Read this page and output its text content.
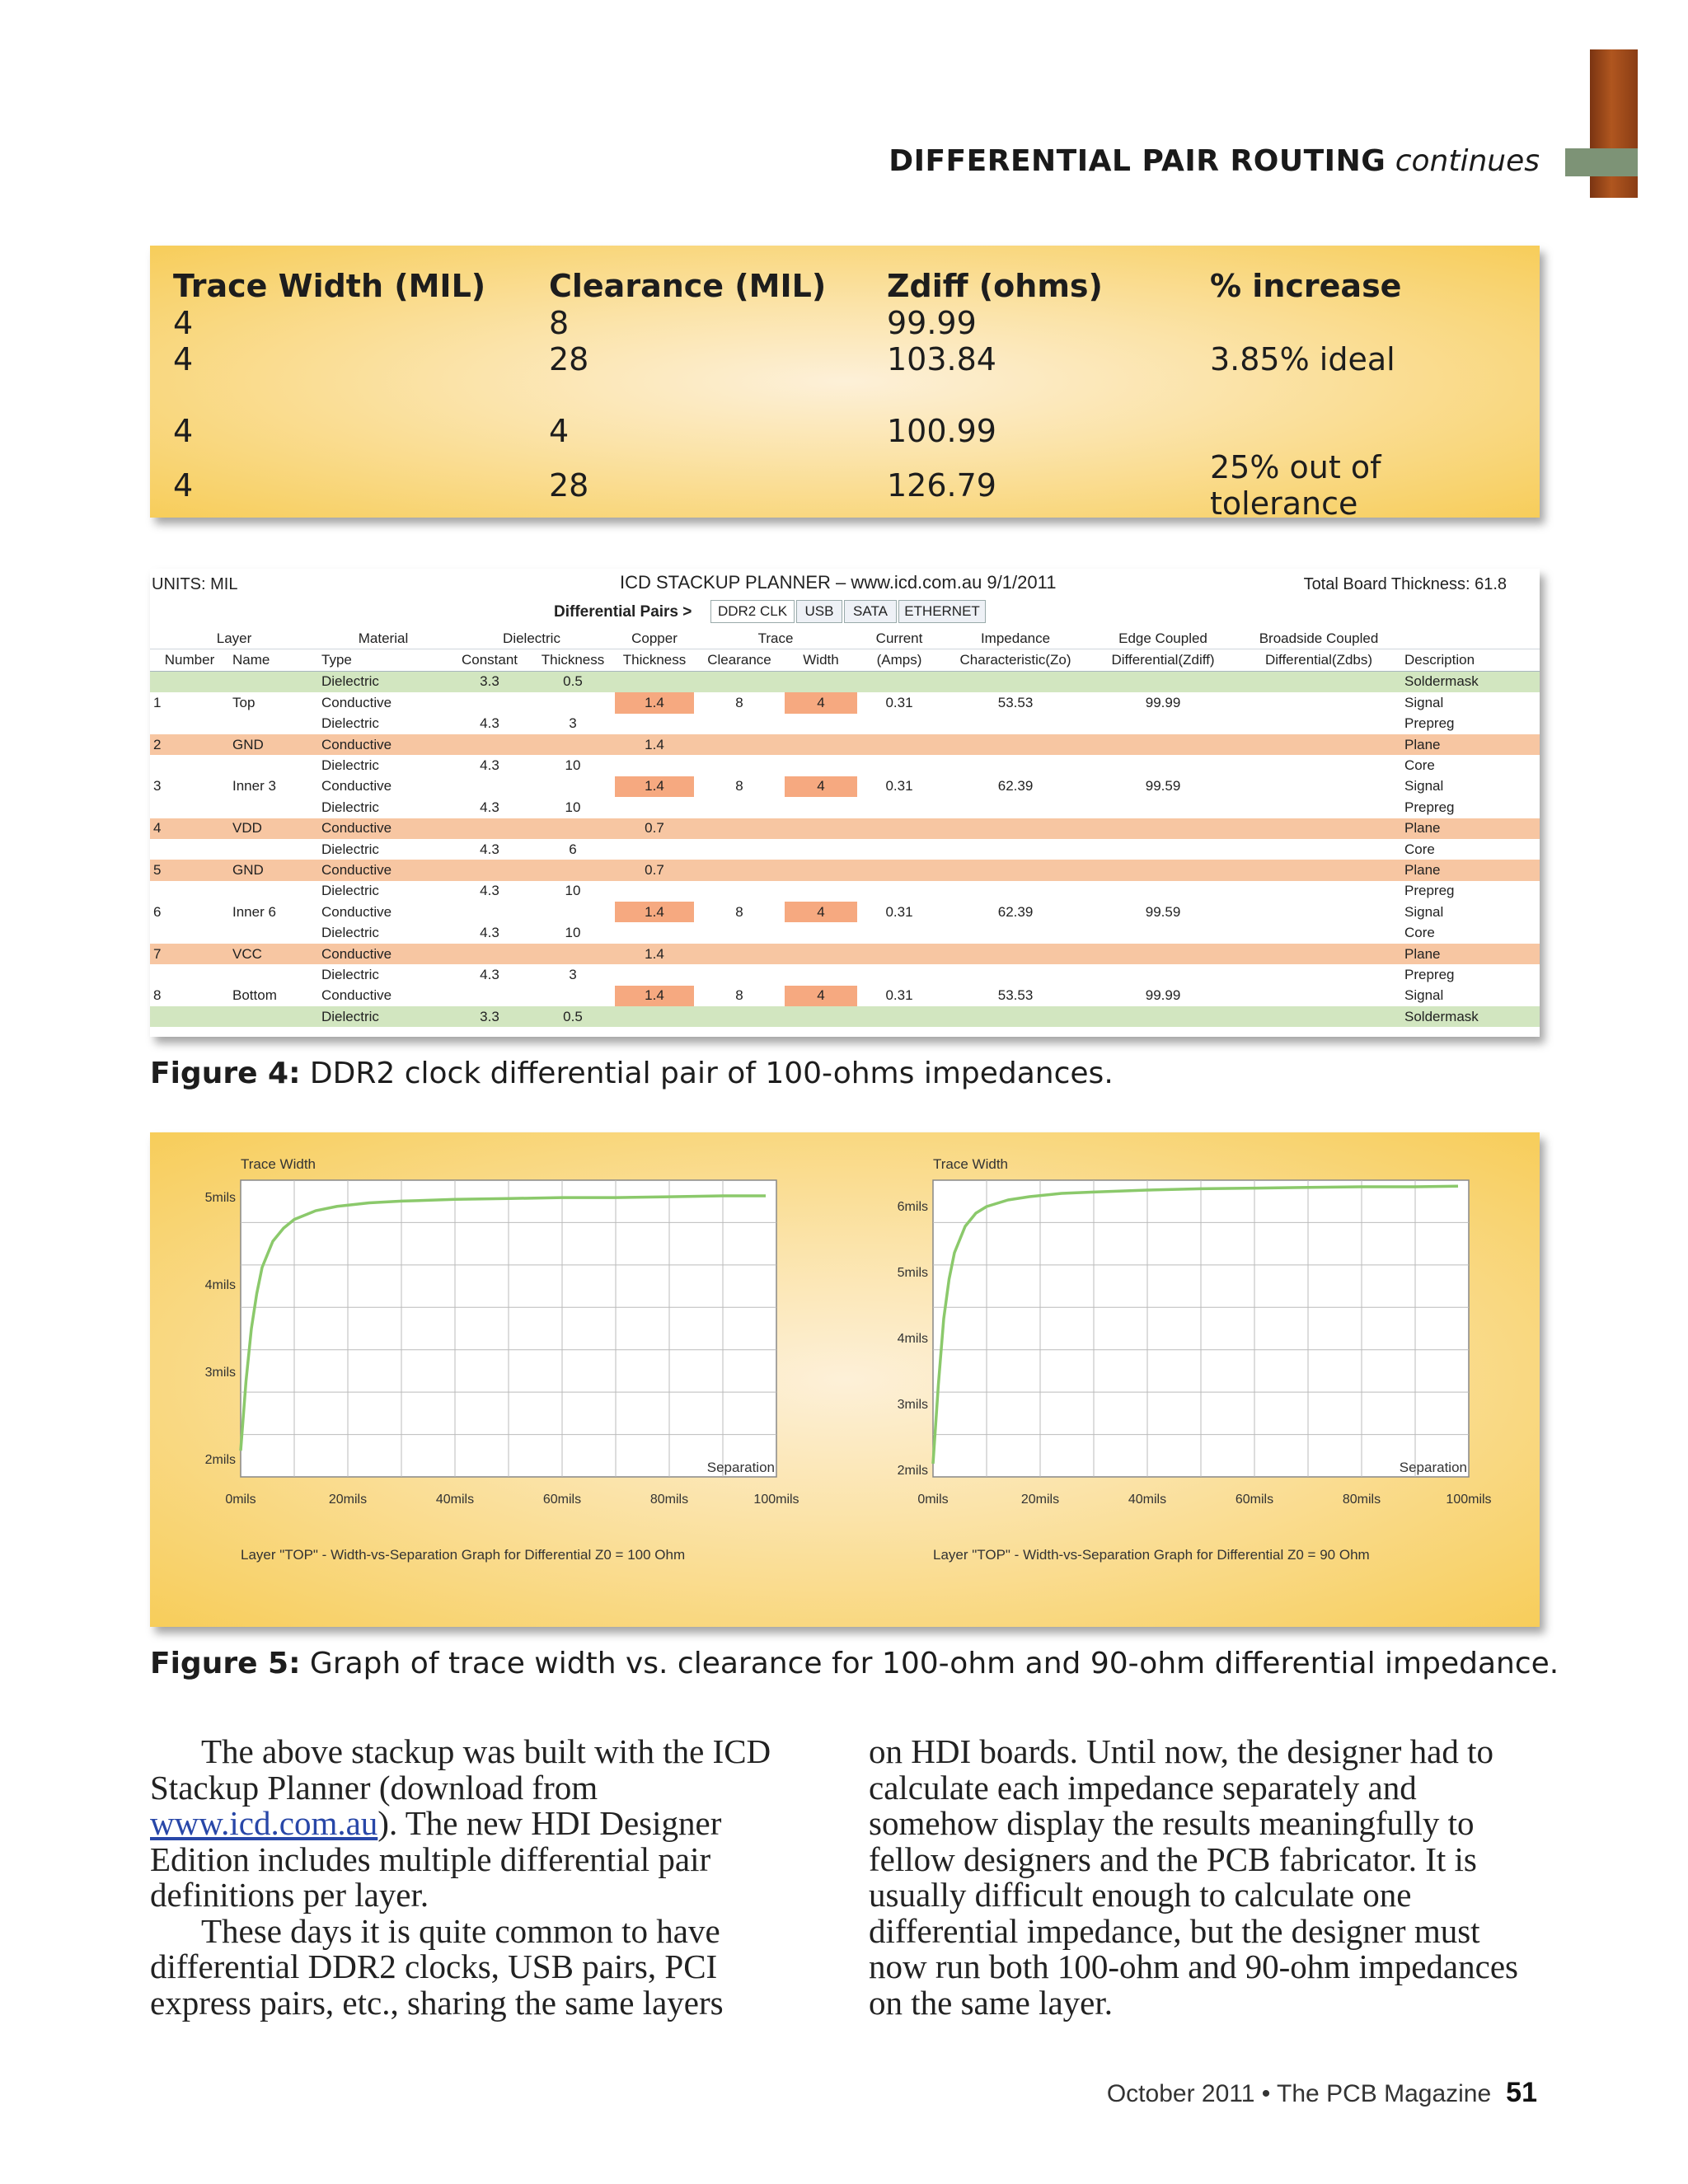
DIFFERENTIAL PAIR ROUTING continues
Trace Width (MIL)	Clearance (MIL)	Zdiff (ohms)	% increase
4	8	99.99	
4	28	103.84	3.85% ideal

4	4	100.99	
4	28	126.79	25% out of tolerance
UNITS: MIL	ICD STACKUP PLANNER – www.icd.com.au 9/1/2011	Total Board Thickness: 61.8
Differential Pairs >	DDR2 CLK	USB	SATA	ETHERNET
Layer		Material	Dielectric		Copper	Trace		Current	Impedance	Edge Coupled	Broadside Coupled	
Number	Name	Type	Constant	Thickness	Thickness	Clearance	Width	(Amps)	Characteristic(Zo)	Differential(Zdiff)	Differential(Zdbs)	Description
		Dielectric	3.3	0.5								Soldermask
1	Top	Conductive			1.4	8	4	0.31	53.53	99.99		Signal
		Dielectric	4.3	3								Prepreg
2	GND	Conductive			1.4							Plane
		Dielectric	4.3	10								Core
3	Inner 3	Conductive			1.4	8	4	0.31	62.39	99.59		Signal
		Dielectric	4.3	10								Prepreg
4	VDD	Conductive			0.7							Plane
		Dielectric	4.3	6								Core
5	GND	Conductive			0.7							Plane
		Dielectric	4.3	10								Prepreg
6	Inner 6	Conductive			1.4	8	4	0.31	62.39	99.59		Signal
		Dielectric	4.3	10								Core
7	VCC	Conductive			1.4							Plane
		Dielectric	4.3	3								Prepreg
8	Bottom	Conductive			1.4	8	4	0.31	53.53	99.99		Signal
		Dielectric	3.3	0.5								Soldermask
Figure 4: DDR2 clock differential pair of 100-ohms impedances.
0mils	20mils	40mils	60mils	80mils	100mils
2mils
3mils
4mils
5mils
Trace Width
Separation
Layer "TOP" - Width-vs-Separation Graph for Differential Z0 = 100 Ohm
0mils	20mils	40mils	60mils	80mils	100mils
2mils
3mils
4mils
5mils
6mils
Trace Width
Separation
Layer "TOP" - Width-vs-Separation Graph for Differential Z0 = 90 Ohm
Figure 5: Graph of trace width vs. clearance for 100-ohm and 90-ohm differential impedance.

The above stackup was built with the ICD Stackup Planner (download from www.icd.com.au). The new HDI Designer Edition includes multiple differential pair definitions per layer.

These days it is quite common to have differential DDR2 clocks, USB pairs, PCI express pairs, etc., sharing the same layers

on HDI boards. Until now, the designer had to calculate each impedance separately and somehow display the results meaningfully to fellow designers and the PCB fabricator. It is usually difficult enough to calculate one differential impedance, but the designer must now run both 100-ohm and 90-ohm impedances on the same layer.

October 2011 • The PCB Magazine 51
